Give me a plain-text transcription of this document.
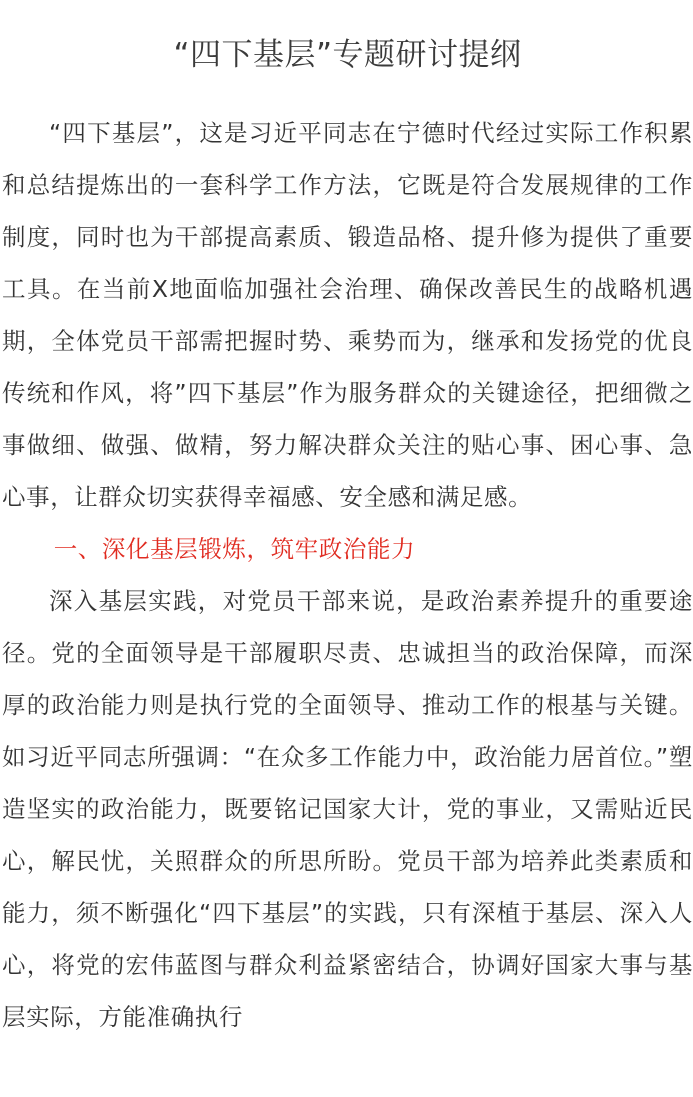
“四下基层”专题研讨提纲

“四下基层”，这是习近平同志在宁德时代经过实际工作积累和总结提炼出的一套科学工作方法，它既是符合发展规律的工作制度，同时也为干部提高素质、锻造品格、提升修为提供了重要工具。在当前X地面临加强社会治理、确保改善民生的战略机遇期，全体党员干部需把握时势、乘势而为，继承和发扬党的优良传统和作风，将”四下基层”作为服务群众的关键途径，把细微之事做细、做强、做精，努力解决群众关注的贴心事、困心事、急心事，让群众切实获得幸福感、安全感和满足感。

一、深化基层锻炼，筑牢政治能力

深入基层实践，对党员干部来说，是政治素养提升的重要途径。党的全面领导是干部履职尽责、忠诚担当的政治保障，而深厚的政治能力则是执行党的全面领导、推动工作的根基与关键。如习近平同志所强调：“在众多工作能力中，政治能力居首位。”塑造坚实的政治能力，既要铭记国家大计，党的事业，又需贴近民心，解民忧，关照群众的所思所盼。党员干部为培养此类素质和能力，须不断强化“四下基层”的实践，只有深植于基层、深入人心，将党的宏伟蓝图与群众利益紧密结合，协调好国家大事与基层实际，方能准确执行
